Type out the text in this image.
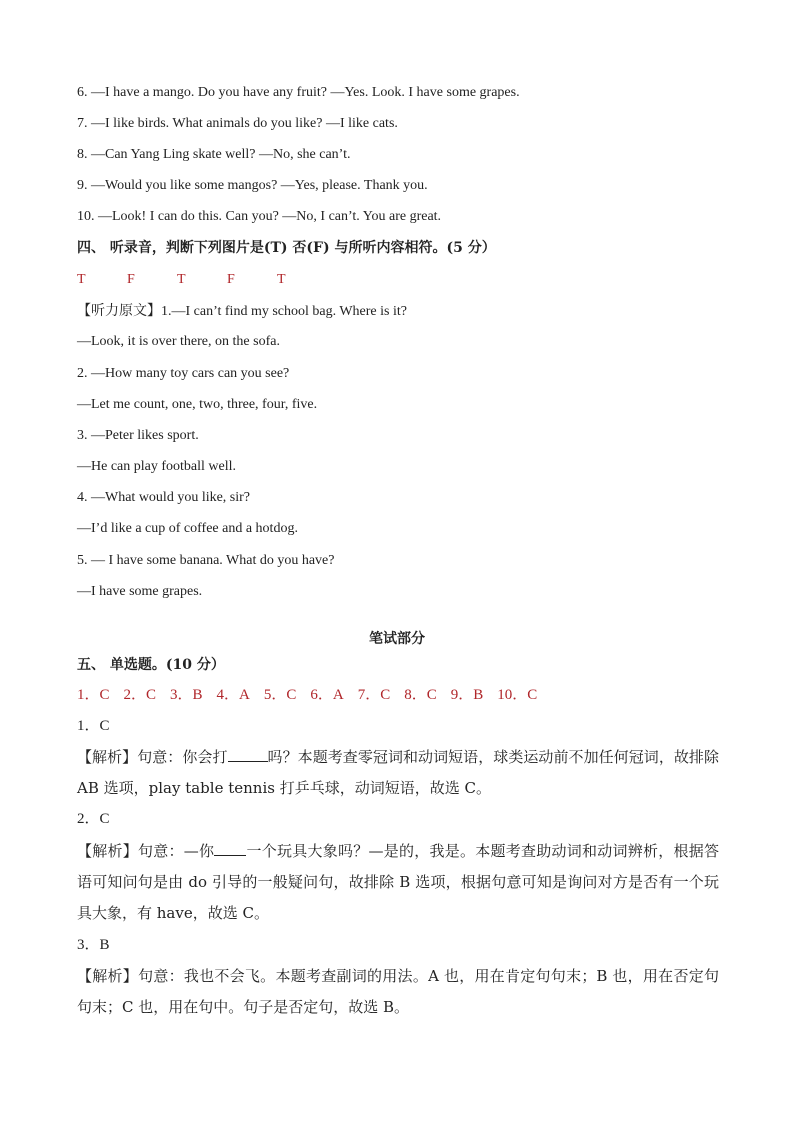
6. —I have a mango. Do you have any fruit? —Yes. Look. I have some grapes.
7. —I like birds. What animals do you like? —I like cats.
8. —Can Yang Ling skate well? —No, she can’t.
9. —Would you like some mangos? —Yes, please. Thank you.
10. —Look! I can do this. Can you? —No, I can’t. You are great.
四、 听录音，判断下列图片是(T) 否(F) 与所听内容相符。(5 分）
T	F	T	F	T
【听力原文】1.—I can’t find my school bag. Where is it?
—Look, it is over there, on the sofa.
2. —How many toy cars can you see?
—Let me count, one, two, three, four, five.
3. —Peter likes sport.
—He can play football well.
4. —What would you like, sir?
—I’d like a cup of coffee and a hotdog.
5. — I have some banana. What do you have?
—I have some grapes.
笔试部分
五、 单选题。(10 分）
1．C 2．C 3．B 4．A 5．C 6．A 7．C 8．C 9．B 10．C
1．C
【解析】句意：你会打	吗？本题考查零冠词和动词短语，球类运动前不加任何冠词，故排除 AB 选项，play table tennis 打乒乓球，动词短语，故选 C。
2．C
【解析】句意：—你 一个玩具大象吗？—是的，我是。本题考查助动词和动词辨析，根据答语可知问句是由 do 引导的一般疑问句，故排除 B 选项，根据句意可知是询问对方是否有一个玩具大象，有 have，故选 C。
3．B
【解析】句意：我也不会飞。本题考查副词的用法。A 也，用在肯定句句末；B 也，用在否定句句末；C 也，用在句中。句子是否定句，故选 B。
